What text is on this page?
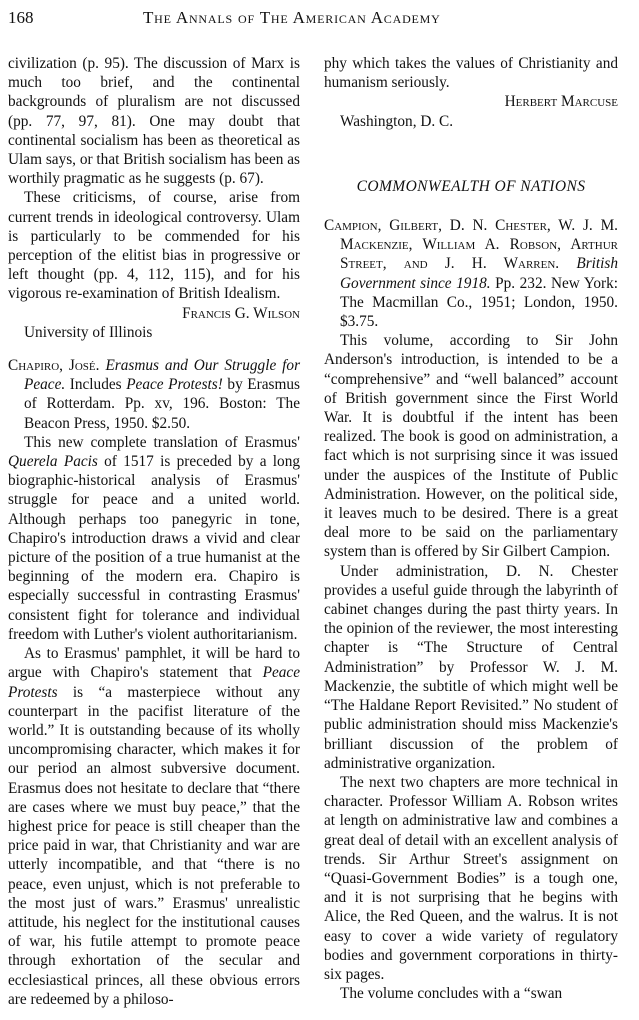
168	The Annals of The American Academy

civilization (p. 95). The discussion of Marx is much too brief, and the continental backgrounds of pluralism are not discussed (pp. 77, 97, 81). One may doubt that continental socialism has been as theoretical as Ulam says, or that British socialism has been as worthily pragmatic as he suggests (p. 67).

These criticisms, of course, arise from current trends in ideological controversy. Ulam is particularly to be commended for his perception of the elitist bias in progressive or left thought (pp. 4, 112, 115), and for his vigorous re-examination of British Idealism.

Francis G. Wilson

University of Illinois

Chapiro, José. Erasmus and Our Struggle for Peace. Includes Peace Protests! by Erasmus of Rotterdam. Pp. xv, 196. Boston: The Beacon Press, 1950. $2.50.

This new complete translation of Erasmus' Querela Pacis of 1517 is preceded by a long biographic-historical analysis of Erasmus' struggle for peace and a united world. Although perhaps too panegyric in tone, Chapiro's introduction draws a vivid and clear picture of the position of a true humanist at the beginning of the modern era. Chapiro is especially successful in contrasting Erasmus' consistent fight for tolerance and individual freedom with Luther's violent authoritarianism.

As to Erasmus' pamphlet, it will be hard to argue with Chapiro's statement that Peace Protests is “a masterpiece without any counterpart in the pacifist literature of the world.” It is outstanding because of its wholly uncompromising character, which makes it for our period an almost subversive document. Erasmus does not hesitate to declare that “there are cases where we must buy peace,” that the highest price for peace is still cheaper than the price paid in war, that Christianity and war are utterly incompatible, and that “there is no peace, even unjust, which is not preferable to the most just of wars.” Erasmus' unrealistic attitude, his neglect for the institutional causes of war, his futile attempt to promote peace through exhortation of the secular and ecclesiastical princes, all these obvious errors are redeemed by a philoso-

phy which takes the values of Christianity and humanism seriously.

Herbert Marcuse

Washington, D. C.

COMMONWEALTH OF NATIONS

Campion, Gilbert, D. N. Chester, W. J. M. Mackenzie, William A. Robson, Arthur Street, and J. H. Warren. British Government since 1918. Pp. 232. New York: The Macmillan Co., 1951; London, 1950. $3.75.

This volume, according to Sir John Anderson's introduction, is intended to be a “comprehensive” and “well balanced” account of British government since the First World War. It is doubtful if the intent has been realized. The book is good on administration, a fact which is not surprising since it was issued under the auspices of the Institute of Public Administration. However, on the political side, it leaves much to be desired. There is a great deal more to be said on the parliamentary system than is offered by Sir Gilbert Campion.

Under administration, D. N. Chester provides a useful guide through the labyrinth of cabinet changes during the past thirty years. In the opinion of the reviewer, the most interesting chapter is “The Structure of Central Administration” by Professor W. J. M. Mackenzie, the subtitle of which might well be “The Haldane Report Revisited.” No student of public administration should miss Mackenzie's brilliant discussion of the problem of administrative organization.

The next two chapters are more technical in character. Professor William A. Robson writes at length on administrative law and combines a great deal of detail with an excellent analysis of trends. Sir Arthur Street's assignment on “Quasi-Government Bodies” is a tough one, and it is not surprising that he begins with Alice, the Red Queen, and the walrus. It is not easy to cover a wide variety of regulatory bodies and government corporations in thirty-six pages.

The volume concludes with a “swan
